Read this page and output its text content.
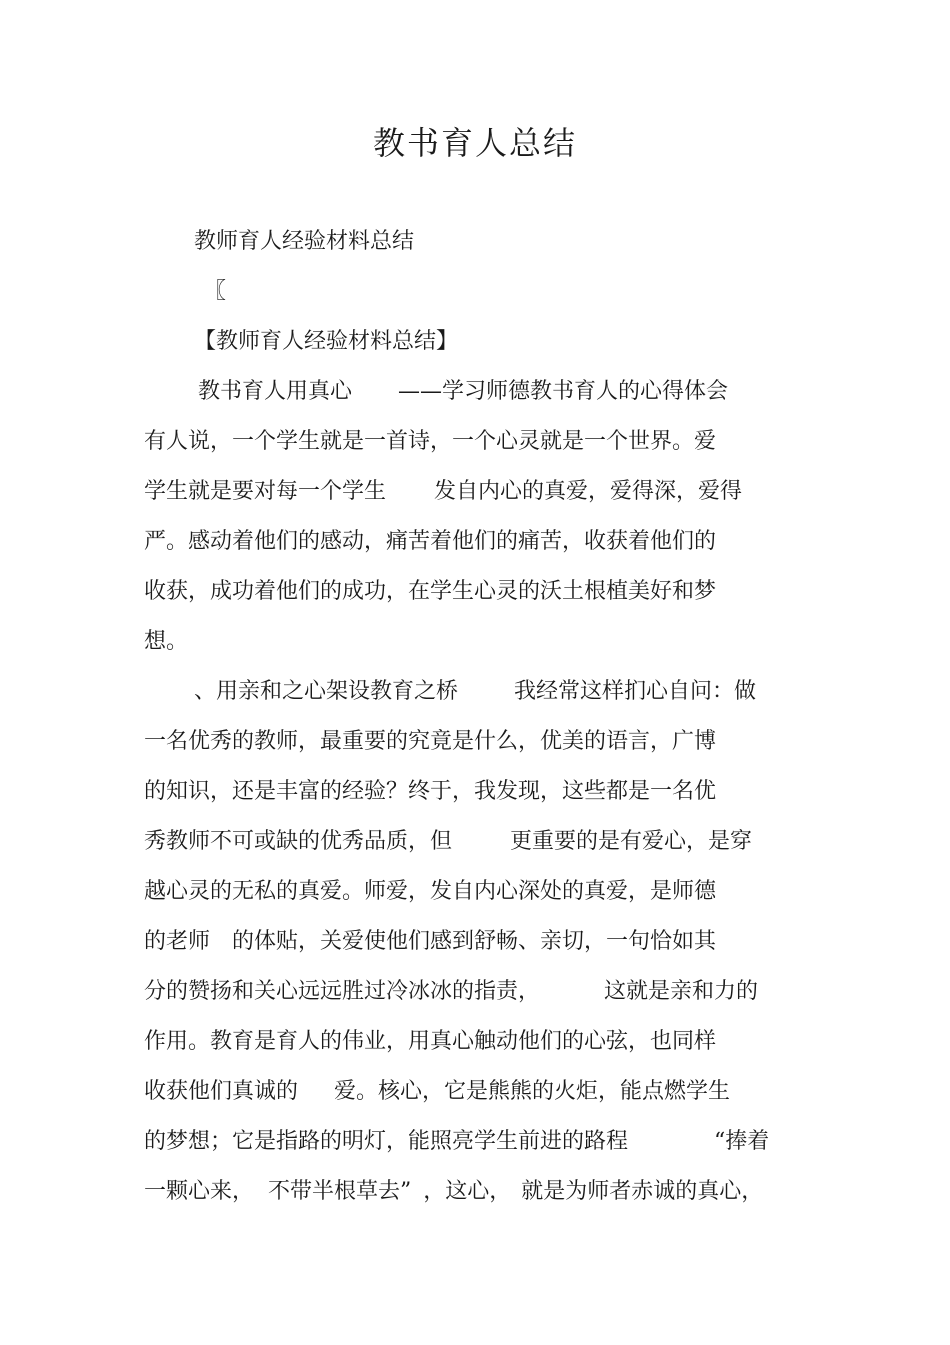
教书育人总结
教师育人经验材料总结
〖
【教师育人经验材料总结】
教书育人用真心 ——学习师德教书育人的心得体会
有人说，一个学生就是一首诗，一个心灵就是一个世界。爱
学生就是要对每一个学生 发自内心的真爱，爱得深，爱得
严。感动着他们的感动，痛苦着他们的痛苦，收获着他们的
收获，成功着他们的成功，在学生心灵的沃土根植美好和梦
想。
、用亲和之心架设教育之桥	我经常这样扪心自问：做
一名优秀的教师，最重要的究竟是什么，优美的语言，广博
的知识，还是丰富的经验？终于，我发现，这些都是一名优
秀教师不可或缺的优秀品质，但	更重要的是有爱心，是穿
越心灵的无私的真爱。师爱，发自内心深处的真爱，是师德
的老师 的体贴，关爱使他们感到舒畅、亲切，一句恰如其
分的赞扬和关心远远胜过冷冰冰的指责，	这就是亲和力的
作用。教育是育人的伟业，用真心触动他们的心弦，也同样
收获他们真诚的 爱。核心，它是熊熊的火炬，能点燃学生
的梦想；它是指路的明灯，能照亮学生前进的路程	“捧着
一颗心来， 不带半根草去” ，这心， 就是为师者赤诚的真心，
